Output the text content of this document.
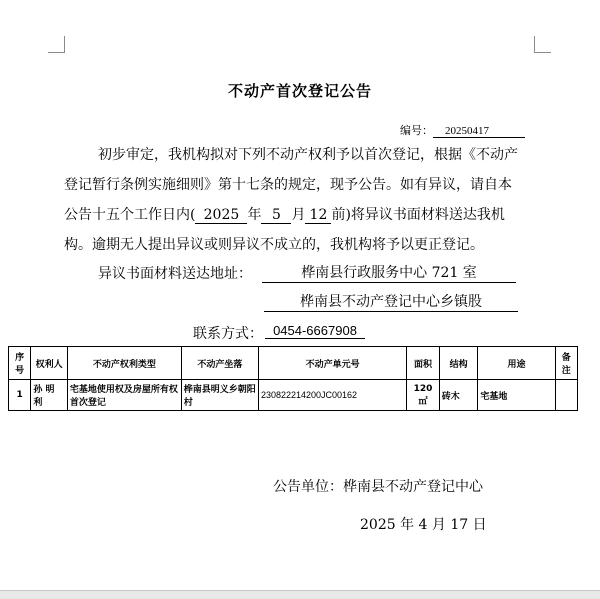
不动产首次登记公告
编号： 20250417
初步审定，我机构拟对下列不动产权利予以首次登记，根据《不动产
登记暂行条例实施细则》第十七条的规定，现予公告。如有异议，请自本
公告十五个工作日内( 2025 年 5 月 12 前)将异议书面材料送达我机
构。逾期无人提出异议或则异议不成立的，我机构将予以更正登记。
异议书面材料送达地址：	桦南县行政服务中心 721 室
桦南县不动产登记中心乡镇股
联系方式： 0454-6667908
序号	权利人	不动产权利类型	不动产坐落	不动产单元号	面积	结构	用途	备注
1	孙 明 利	宅基地使用权及房屋所有权首次登记	桦南县明义乡朝阳村	230822214200JC00162	120 ㎡	砖木	宅基地	
公告单位：桦南县不动产登记中心
2025 年 4 月 17 日
